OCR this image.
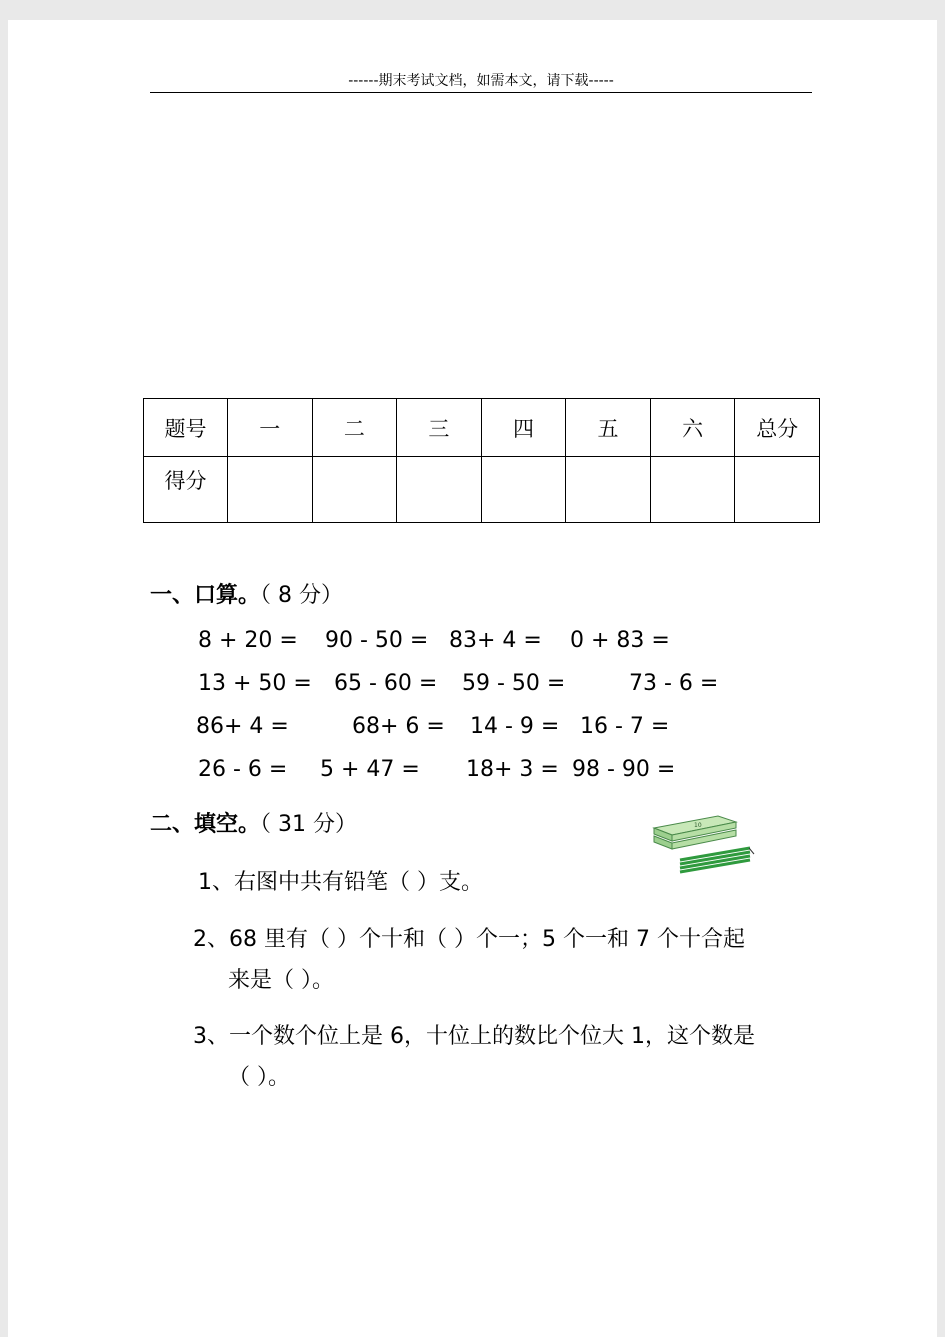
------期末考试文档，如需本文，请下载-----
题号	一	二	三	四	五	六	总分
得分							
一、口算。（ 8 分）
8 + 20 = 90 - 50 = 83+ 4 = 0 + 83 =
13 + 50 = 65 - 60 = 59 - 50 =	73 - 6 =
86+ 4 =	68+ 6 = 14 - 9 = 16 - 7 =
26 - 6 = 5 + 47 = 18+ 3 = 98 - 90 =
二、填空。（ 31 分）	10
1、右图中共有铅笔（ ）支。
2、68 里有（ ）个十和（ ）个一；5 个一和 7 个十合起
来是（ ）。
3、一个数个位上是 6，十位上的数比个位大 1，这个数是
（ ）。
